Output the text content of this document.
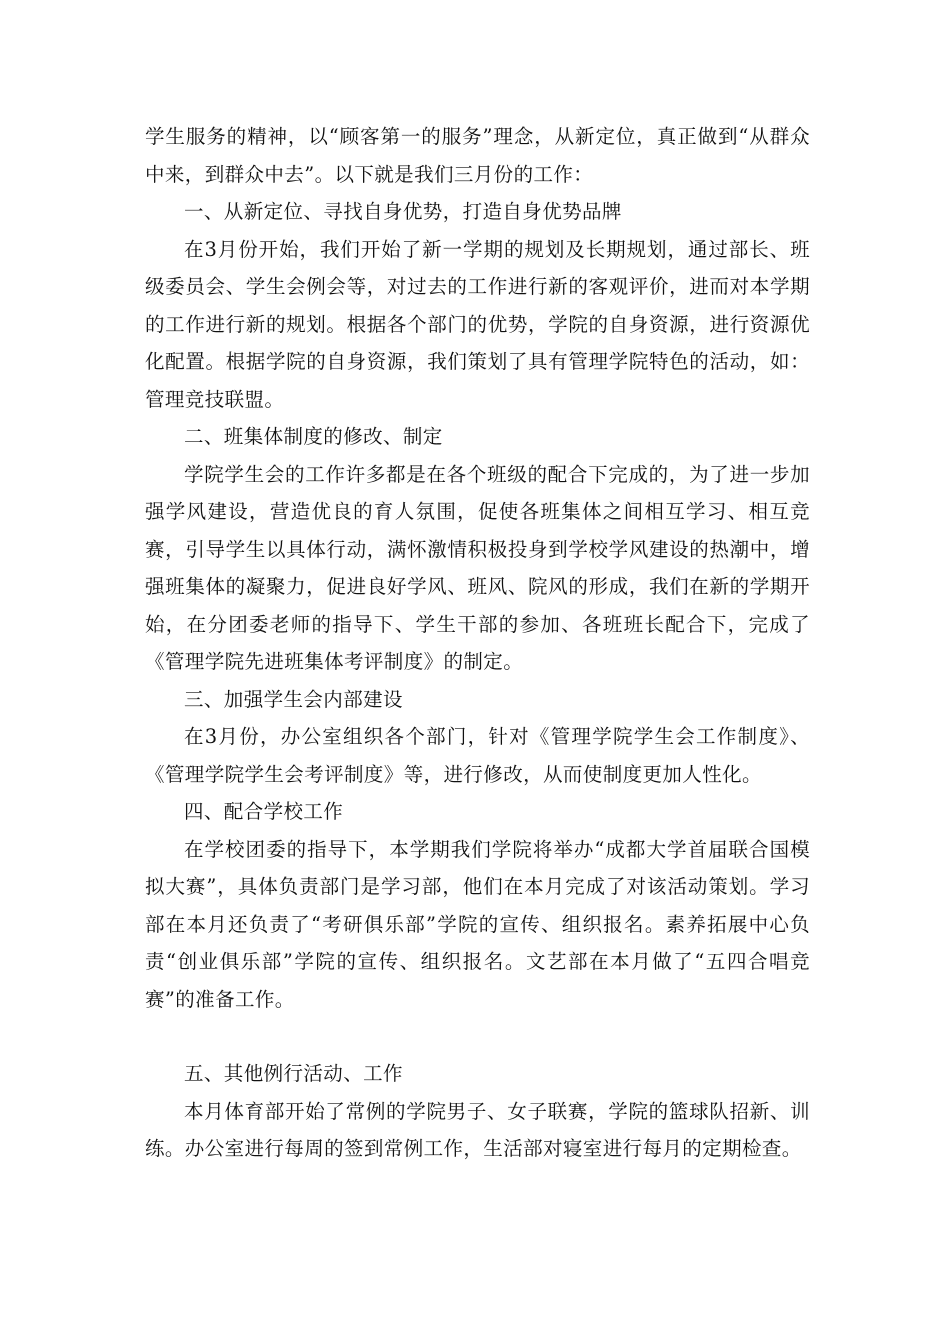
学生服务的精神，以“顾客第一的服务”理念，从新定位，真正做到“从群众中来，到群众中去”。以下就是我们三月份的工作：

一、从新定位、寻找自身优势，打造自身优势品牌

在3月份开始，我们开始了新一学期的规划及长期规划，通过部长、班级委员会、学生会例会等，对过去的工作进行新的客观评价，进而对本学期的工作进行新的规划。根据各个部门的优势，学院的自身资源，进行资源优化配置。根据学院的自身资源，我们策划了具有管理学院特色的活动，如：管理竞技联盟。

二、班集体制度的修改、制定

学院学生会的工作许多都是在各个班级的配合下完成的，为了进一步加强学风建设，营造优良的育人氛围，促使各班集体之间相互学习、相互竞赛，引导学生以具体行动，满怀激情积极投身到学校学风建设的热潮中，增强班集体的凝聚力，促进良好学风、班风、院风的形成，我们在新的学期开始，在分团委老师的指导下、学生干部的参加、各班班长配合下，完成了《管理学院先进班集体考评制度》的制定。

三、加强学生会内部建设

在3月份，办公室组织各个部门，针对《管理学院学生会工作制度》、《管理学院学生会考评制度》等，进行修改，从而使制度更加人性化。

四、配合学校工作

在学校团委的指导下，本学期我们学院将举办“成都大学首届联合国模拟大赛”，具体负责部门是学习部，他们在本月完成了对该活动策划。学习部在本月还负责了“考研俱乐部”学院的宣传、组织报名。素养拓展中心负责“创业俱乐部”学院的宣传、组织报名。文艺部在本月做了“五四合唱竞赛”的准备工作。

五、其他例行活动、工作

本月体育部开始了常例的学院男子、女子联赛，学院的篮球队招新、训练。办公室进行每周的签到常例工作，生活部对寝室进行每月的定期检查。
